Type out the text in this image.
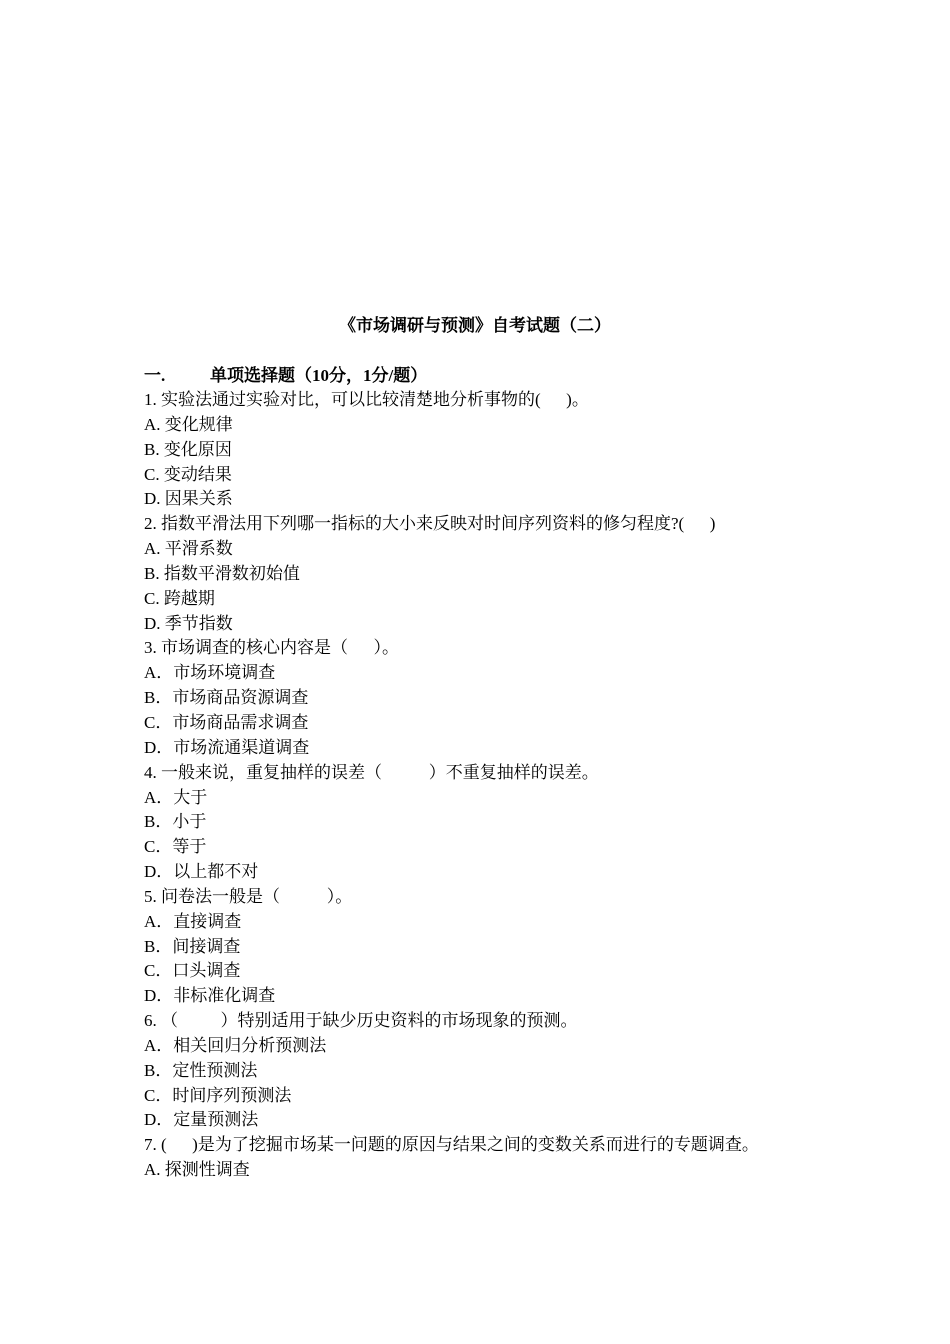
《市场调研与预测》自考试题（二）
一.	单项选择题（10分，1分/题）

1. 实验法通过实验对比，可以比较清楚地分析事物的(      )。

A. 变化规律

B. 变化原因

C. 变动结果

D. 因果关系

2. 指数平滑法用下列哪一指标的大小来反映对时间序列资料的修匀程度?(      )

A. 平滑系数

B. 指数平滑数初始值

C. 跨越期

D. 季节指数

3. 市场调查的核心内容是（      ）。

A．市场环境调查

B．市场商品资源调查

C．市场商品需求调查

D．市场流通渠道调查

4. 一般来说，重复抽样的误差（           ）不重复抽样的误差。

A．大于

B．小于

C．等于

D．以上都不对

5. 问卷法一般是（           ）。

A．直接调查

B．间接调查

C．口头调查

D．非标准化调查

6. （          ）特别适用于缺少历史资料的市场现象的预测。

A．相关回归分析预测法

B．定性预测法

C．时间序列预测法

D．定量预测法

7. (      )是为了挖掘市场某一问题的原因与结果之间的变数关系而进行的专题调查。

A. 探测性调查
